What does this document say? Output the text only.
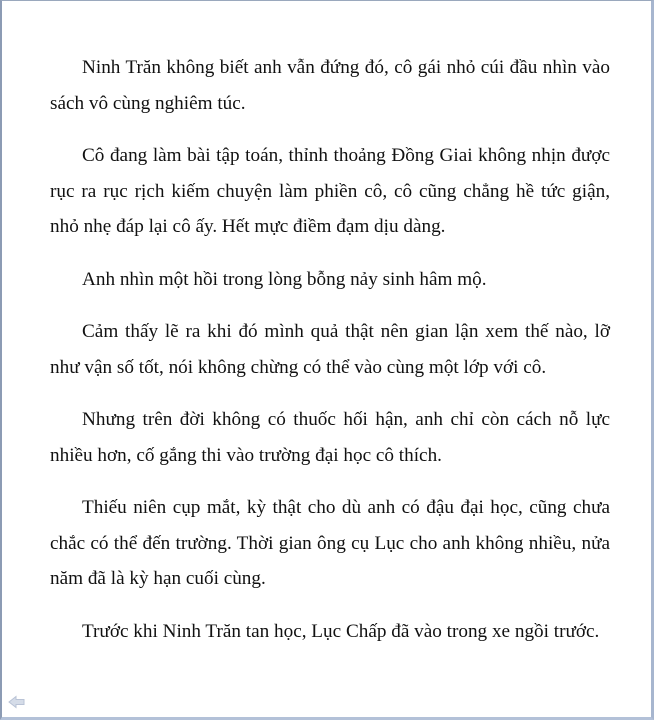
Ninh Trăn không biết anh vẫn đứng đó, cô gái nhỏ cúi đầu nhìn vào sách vô cùng nghiêm túc.

Cô đang làm bài tập toán, thỉnh thoảng Đồng Giai không nhịn được rục ra rục rịch kiếm chuyện làm phiền cô, cô cũng chẳng hề tức giận, nhỏ nhẹ đáp lại cô ấy. Hết mực điềm đạm dịu dàng.

Anh nhìn một hồi trong lòng bỗng nảy sinh hâm mộ.

Cảm thấy lẽ ra khi đó mình quả thật nên gian lận xem thế nào, lỡ như vận số tốt, nói không chừng có thể vào cùng một lớp với cô.

Nhưng trên đời không có thuốc hối hận, anh chỉ còn cách nỗ lực nhiều hơn, cố gắng thi vào trường đại học cô thích.

Thiếu niên cụp mắt, kỳ thật cho dù anh có đậu đại học, cũng chưa chắc có thể đến trường. Thời gian ông cụ Lục cho anh không nhiều, nửa năm đã là kỳ hạn cuối cùng.

Trước khi Ninh Trăn tan học, Lục Chấp đã vào trong xe ngồi trước.
